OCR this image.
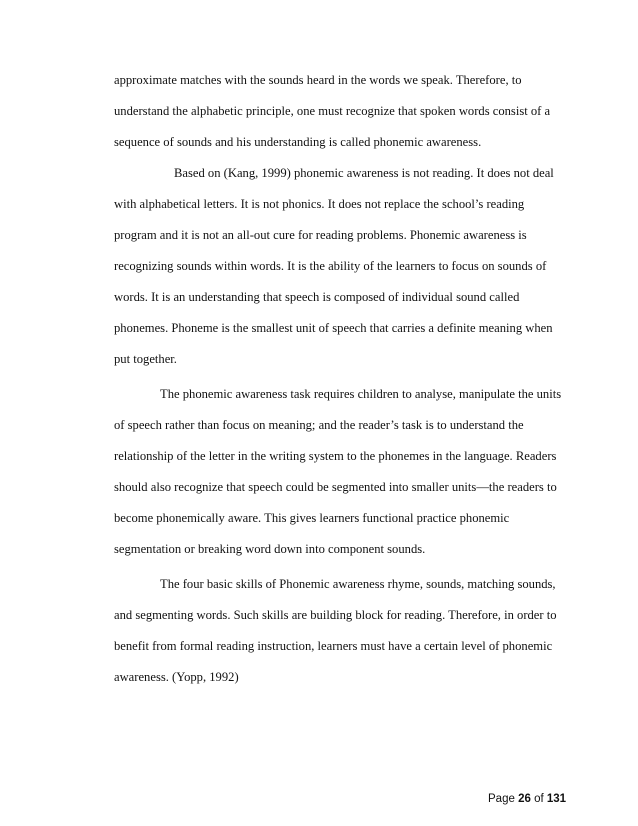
approximate matches with the sounds heard in the words we speak. Therefore, to
understand the alphabetic principle, one must recognize that spoken words consist of a
sequence of sounds and his understanding is called phonemic awareness.
Based on (Kang, 1999) phonemic awareness is not reading. It does not deal
with alphabetical letters. It is not phonics. It does not replace the school’s reading
program and it is not an all-out cure for reading problems. Phonemic awareness is
recognizing sounds within words. It is the ability of the learners to focus on sounds of
words. It is an understanding that speech is composed of individual sound called
phonemes. Phoneme is the smallest unit of speech that carries a definite meaning when
put together.
The phonemic awareness task requires children to analyse, manipulate the units
of speech rather than focus on meaning; and the reader’s task is to understand the
relationship of the letter in the writing system to the phonemes in the language. Readers
should also recognize that speech could be segmented into smaller units—the readers to
become phonemically aware. This gives learners functional practice phonemic
segmentation or breaking word down into component sounds.
The four basic skills of Phonemic awareness rhyme, sounds, matching sounds,
and segmenting words. Such skills are building block for reading. Therefore, in order to
benefit from formal reading instruction, learners must have a certain level of phonemic
awareness. (Yopp, 1992)
Page 26 of 131
